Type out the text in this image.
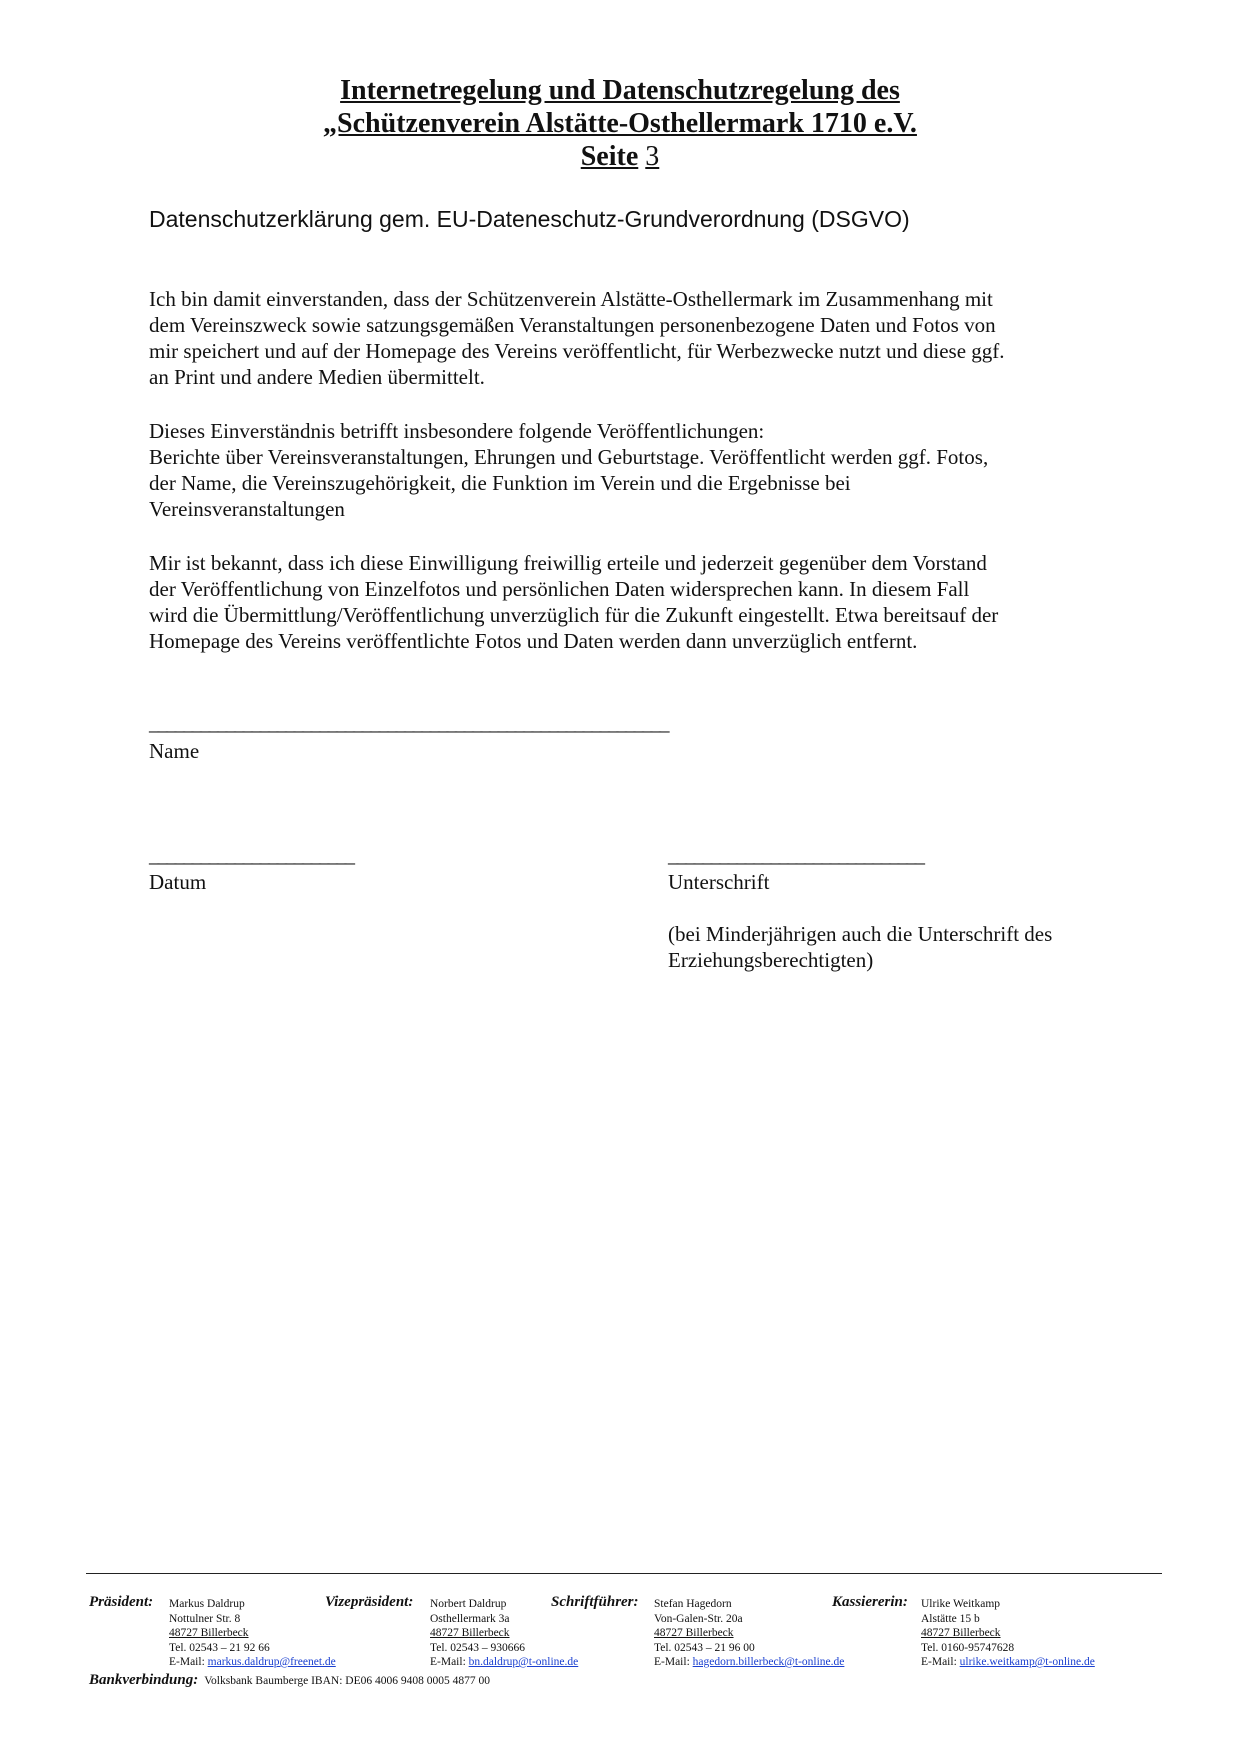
Internetregelung und Datenschutzregelung des
„Schützenverein Alstätte-Osthellermark 1710 e.V.
Seite 3
Datenschutzerklärung gem. EU-Dateneschutz-Grundverordnung (DSGVO)
Ich bin damit einverstanden, dass der Schützenverein Alstätte-Osthellermark im Zusammenhang mit
dem Vereinszweck sowie satzungsgemäßen Veranstaltungen personenbezogene Daten und Fotos von
mir speichert und auf der Homepage des Vereins veröffentlicht, für Werbezwecke nutzt und diese ggf.
an Print und andere Medien übermittelt.
Dieses Einverständnis betrifft insbesondere folgende Veröffentlichungen:
Berichte über Vereinsveranstaltungen, Ehrungen und Geburtstage. Veröffentlicht werden ggf. Fotos,
der Name, die Vereinszugehörigkeit, die Funktion im Verein und die Ergebnisse bei
Vereinsveranstaltungen
Mir ist bekannt, dass ich diese Einwilligung freiwillig erteile und jederzeit gegenüber dem Vorstand
der Veröffentlichung von Einzelfotos und persönlichen Daten widersprechen kann. In diesem Fall
wird die Übermittlung/Veröffentlichung unverzüglich für die Zukunft eingestellt. Etwa bereitsauf der
Homepage des Vereins veröffentlichte Fotos und Daten werden dann unverzüglich entfernt.
_____________________________________________________________
Name
________________________
Datum
______________________________
Unterschrift
(bei Minderjährigen auch die Unterschrift des Erziehungsberechtigten)
Präsident: Markus Daldrup
Nottulner Str. 8
48727 Billerbeck
Tel. 02543 – 21 92 66
E-Mail: markus.daldrup@freenet.de
Vizepräsident: Norbert Daldrup
Osthellermark 3a
48727 Billerbeck
Tel. 02543 – 930666
E-Mail: bn.daldrup@t-online.de
Schriftführer: Stefan Hagedorn
Von-Galen-Str. 20a
48727 Billerbeck
Tel. 02543 – 21 96 00
E-Mail: hagedorn.billerbeck@t-online.de
Kassiererin: Ulrike Weitkamp
Alstätte 15 b
48727 Billerbeck
Tel. 0160-95747628
E-Mail: ulrike.weitkamp@t-online.de
Bankverbindung: Volksbank Baumberge IBAN: DE06 4006 9408 0005 4877 00
